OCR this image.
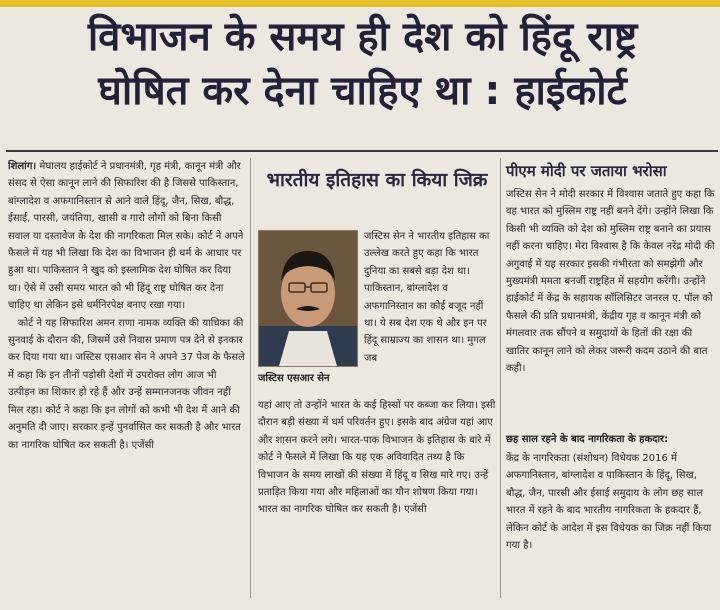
विभाजन के समय ही देश को हिंदू राष्ट्र
घोषित कर देना चाहिए था : हाईकोर्ट

शिलांग। मेघालय हाईकोर्ट ने प्रधानमंत्री, गृह मंत्री, कानून मंत्री और संसद से ऐसा कानून लाने की सिफारिश की है जिससे पाकिस्तान, बांग्लादेश व अफगानिस्तान से आने वाले हिंदू, जैन, सिख, बौद्ध, ईसाई, पारसी, जयंतिया, खासी व गारो लोगों को बिना किसी सवाल या दस्तावेज के देश की नागरिकता मिल सके। कोर्ट ने अपने फैसले में यह भी लिखा कि देश का विभाजन ही धर्म के आधार पर हुआ था। पाकिस्तान ने खुद को इस्लामिक देश घोषित कर दिया था। ऐसे में उसी समय भारत को भी हिंदू राष्ट्र घोषित कर देना चाहिए था लेकिन इसे धर्मनिरपेक्ष बनाए रखा गया।

कोर्ट ने यह सिफारिश अमन राणा नामक व्यक्ति की याचिका की सुनवाई के दौरान की, जिसमें उसे निवास प्रमाण पत्र देने से इनकार कर दिया गया था। जस्टिस एसआर सेन ने अपने 37 पेज के फैसले में कहा कि इन तीनों पड़ोसी देशों में उपरोक्त लोग आज भी उत्पीड़न का शिकार हो रहे हैं और उन्हें सम्मानजनक जीवन नहीं मिल रहा। कोर्ट ने कहा कि इन लोगों को कभी भी देश में आने की अनुमति दी जाए। सरकार इन्हें पुनर्वासित कर सकती है और भारत का नागरिक घोषित कर सकती है। एजेंसी

भारतीय इतिहास का किया जिक्र
जस्टिस एसआर सेन

जस्टिस सेन ने भारतीय इतिहास का उल्लेख करते हुए कहा कि भारत दुनिया का सबसे बड़ा देश था। पाकिस्तान, बांग्लादेश व अफगानिस्तान का कोई वजूद नहीं था। ये सब देश एक थे और इन पर हिंदू साम्राज्य का शासन था। मुगल जब

यहां आए तो उन्होंने भारत के कई हिस्सों पर कब्जा कर लिया। इसी दौरान बड़ी संख्या में धर्म परिवर्तन हुए। इसके बाद अंग्रेज यहां आए और शासन करने लगे। भारत-पाक विभाजन के इतिहास के बारे में कोर्ट ने फैसले में लिखा कि यह एक अविवादित तथ्य है कि विभाजन के समय लाखों की संख्या में हिंदू व सिख मारे गए। उन्हें प्रताड़ित किया गया और महिलाओं का यौन शोषण किया गया। भारत का नागरिक घोषित कर सकती है। एजेंसी

पीएम मोदी पर जताया भरोसा

जस्टिस सेन ने मोदी सरकार में विश्वास जताते हुए कहा कि वह भारत को मुस्लिम राष्ट्र नहीं बनने देंगे। उन्होंने लिखा कि किसी भी व्यक्ति को देश को मुस्लिम राष्ट्र बनाने का प्रयास नहीं करना चाहिए। मेरा विश्वास है कि केवल नरेंद्र मोदी की अगुवाई में यह सरकार इसकी गंभीरता को समझेगी और मुख्यमंत्री ममता बनर्जी राष्ट्रहित में सहयोग करेंगी। उन्होंने हाईकोर्ट में केंद्र के सहायक सॉलिसिटर जनरल ए. पॉल को फैसले की प्रति प्रधानमंत्री, केंद्रीय गृह व कानून मंत्री को मंगलवार तक सौंपने व समुदायों के हितों की रक्षा की खातिर कानून लाने को लेकर जरूरी कदम उठाने की बात कही।

छह साल रहने के बाद नागरिकता के हकदार:

केंद्र के नागरिकता (संशोधन) विधेयक 2016 में अफगानिस्तान, बांग्लादेश व पाकिस्तान के हिंदू, सिख, बौद्ध, जैन, पारसी और ईसाई समुदाय के लोग छह साल भारत में रहने के बाद भारतीय नागरिकता के हकदार हैं, लेकिन कोर्ट के आदेश में इस विधेयक का जिक्र नहीं किया गया है।
